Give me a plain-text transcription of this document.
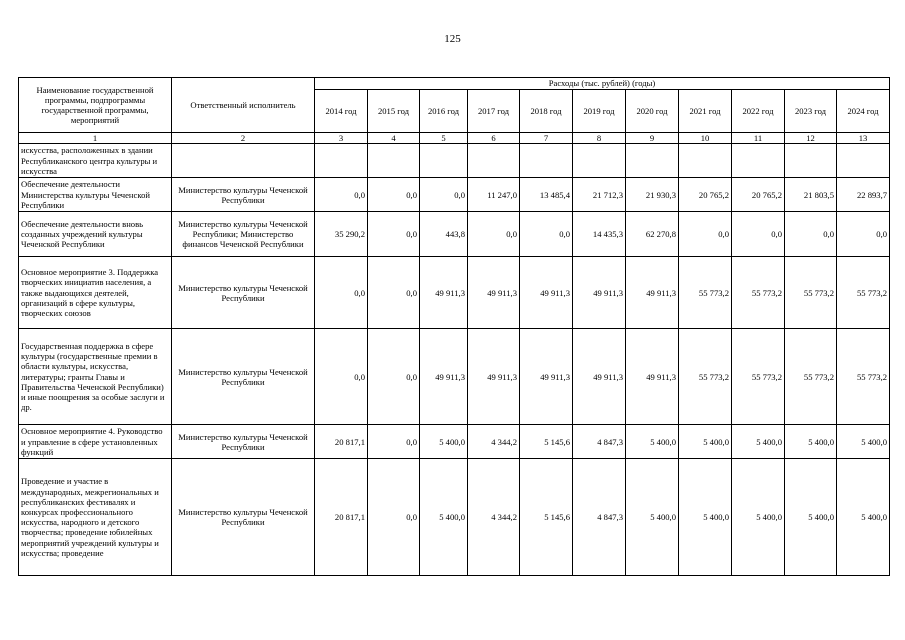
125
Наименование государственной программы, подпрограммы государственной программы, мероприятий	Ответственный исполнитель	Расходы (тыс. рублей) (годы)										
		2014 год	2015 год	2016 год	2017 год	2018 год	2019 год	2020 год	2021 год	2022 год	2023 год	2024 год
1	2	3	4	5	6	7	8	9	10	11	12	13
искусства, расположенных в здании Республиканского центра культуры и искусства												
Обеспечение деятельности Министерства культуры Чеченской Республики	Министерство культуры Чеченской Республики	0,0	0,0	0,0	11 247,0	13 485,4	21 712,3	21 930,3	20 765,2	20 765,2	21 803,5	22 893,7
Обеспечение деятельности вновь созданных учреждений культуры Чеченской Республики	Министерство культуры Чеченской Республики; Министерство финансов Чеченской Республики	35 290,2	0,0	443,8	0,0	0,0	14 435,3	62 270,8	0,0	0,0	0,0	0,0
Основное мероприятие 3. Поддержка творческих инициатив населения, а также выдающихся деятелей, организаций в сфере культуры, творческих союзов	Министерство культуры Чеченской Республики	0,0	0,0	49 911,3	49 911,3	49 911,3	49 911,3	49 911,3	55 773,2	55 773,2	55 773,2	55 773,2
Государственная поддержка в сфере культуры (государственные премии в области культуры, искусства, литературы; гранты Главы и Правительства Чеченской Республики) и иные поощрения за особые заслуги и др.	Министерство культуры Чеченской Республики	0,0	0,0	49 911,3	49 911,3	49 911,3	49 911,3	49 911,3	55 773,2	55 773,2	55 773,2	55 773,2
Основное мероприятие 4. Руководство и управление в сфере установленных функций	Министерство культуры Чеченской Республики	20 817,1	0,0	5 400,0	4 344,2	5 145,6	4 847,3	5 400,0	5 400,0	5 400,0	5 400,0	5 400,0
Проведение и участие в международных, межрегиональных и республиканских фестивалях и конкурсах профессионального искусства, народного и детского творчества; проведение юбилейных мероприятий учреждений культуры и искусства; проведение	Министерство культуры Чеченской Республики	20 817,1	0,0	5 400,0	4 344,2	5 145,6	4 847,3	5 400,0	5 400,0	5 400,0	5 400,0	5 400,0
